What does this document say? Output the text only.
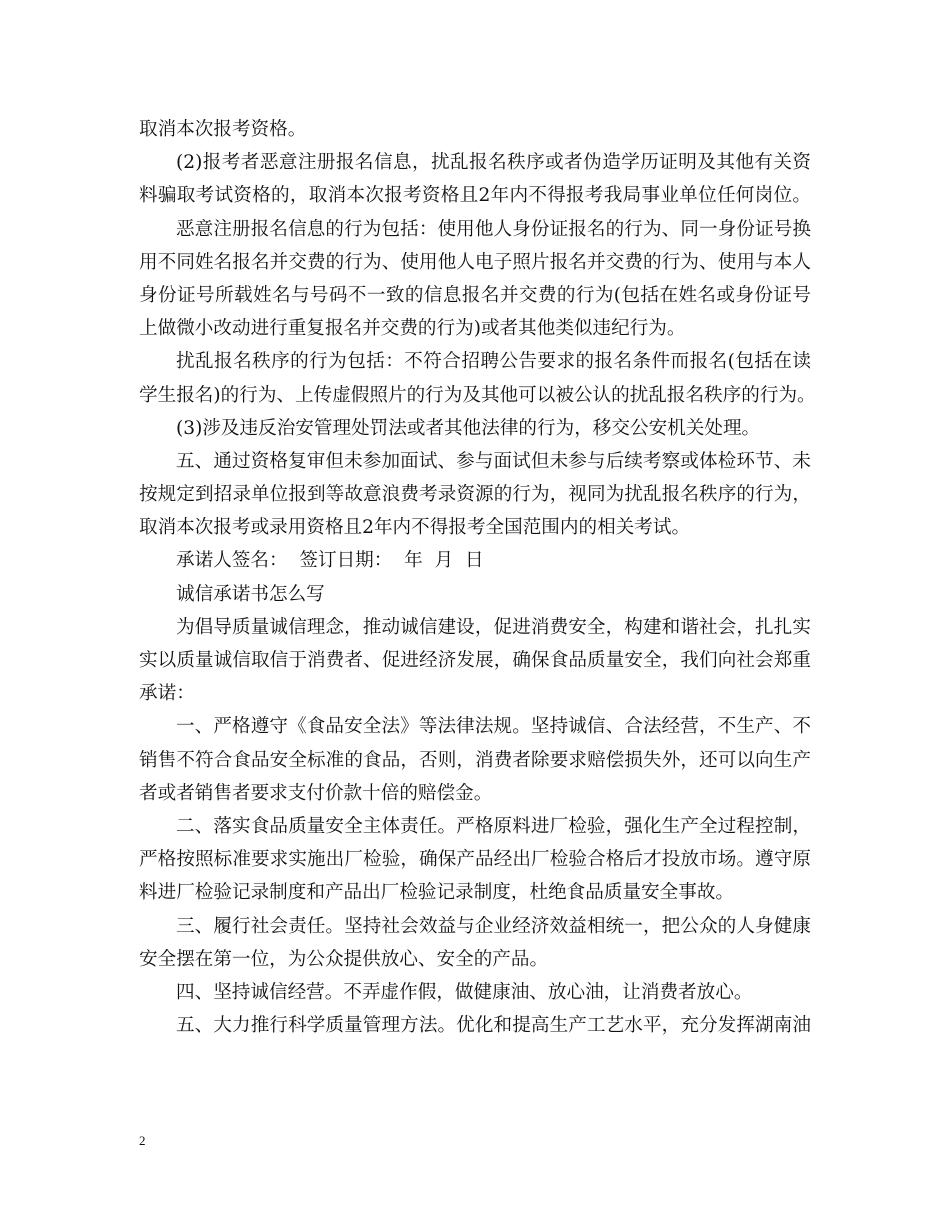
取消本次报考资格。
(2)报考者恶意注册报名信息，扰乱报名秩序或者伪造学历证明及其他有关资
料骗取考试资格的，取消本次报考资格且2年内不得报考我局事业单位任何岗位。
恶意注册报名信息的行为包括：使用他人身份证报名的行为、同一身份证号换
用不同姓名报名并交费的行为、使用他人电子照片报名并交费的行为、使用与本人
身份证号所载姓名与号码不一致的信息报名并交费的行为(包括在姓名或身份证号
上做微小改动进行重复报名并交费的行为)或者其他类似违纪行为。
扰乱报名秩序的行为包括：不符合招聘公告要求的报名条件而报名(包括在读
学生报名)的行为、上传虚假照片的行为及其他可以被公认的扰乱报名秩序的行为。
(3)涉及违反治安管理处罚法或者其他法律的行为，移交公安机关处理。
五、通过资格复审但未参加面试、参与面试但未参与后续考察或体检环节、未
按规定到招录单位报到等故意浪费考录资源的行为，视同为扰乱报名秩序的行为，
取消本次报考或录用资格且2年内不得报考全国范围内的相关考试。
承诺人签名：  签订日期：  年  月  日
诚信承诺书怎么写
为倡导质量诚信理念，推动诚信建设，促进消费安全，构建和谐社会，扎扎实
实以质量诚信取信于消费者、促进经济发展，确保食品质量安全，我们向社会郑重
承诺：
一、严格遵守《食品安全法》等法律法规。坚持诚信、合法经营，不生产、不
销售不符合食品安全标准的食品，否则，消费者除要求赔偿损失外，还可以向生产
者或者销售者要求支付价款十倍的赔偿金。
二、落实食品质量安全主体责任。严格原料进厂检验，强化生产全过程控制，
严格按照标准要求实施出厂检验，确保产品经出厂检验合格后才投放市场。遵守原
料进厂检验记录制度和产品出厂检验记录制度，杜绝食品质量安全事故。
三、履行社会责任。坚持社会效益与企业经济效益相统一，把公众的人身健康
安全摆在第一位，为公众提供放心、安全的产品。
四、坚持诚信经营。不弄虚作假，做健康油、放心油，让消费者放心。
五、大力推行科学质量管理方法。优化和提高生产工艺水平，充分发挥湖南油
2
